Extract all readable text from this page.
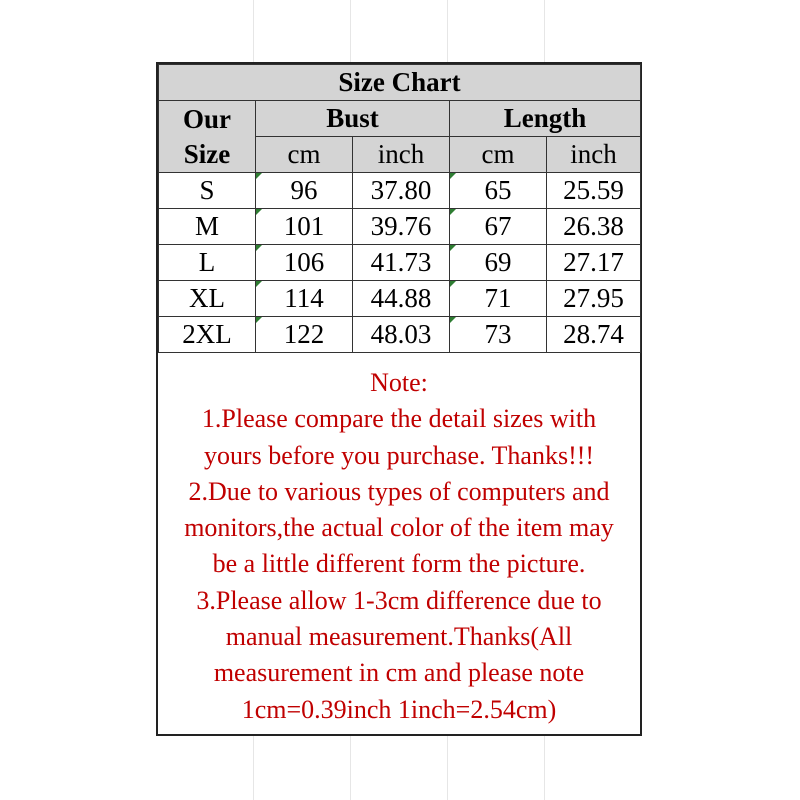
Size Chart				

Our
Size	Bust		Length	
	cm	inch	cm	inch
S	96	37.80	65	25.59
M	101	39.76	67	26.38
L	106	41.73	69	27.17
XL	114	44.88	71	27.95
2XL	122	48.03	73	28.74
Note:
1.Please compare the detail sizes with
yours before you purchase. Thanks!!!
2.Due to various types of computers and
monitors,the actual color of the item may
be a little different form the picture.
3.Please allow 1-3cm difference due to
manual measurement.Thanks(All
measurement in cm and please note
1cm=0.39inch 1inch=2.54cm)
